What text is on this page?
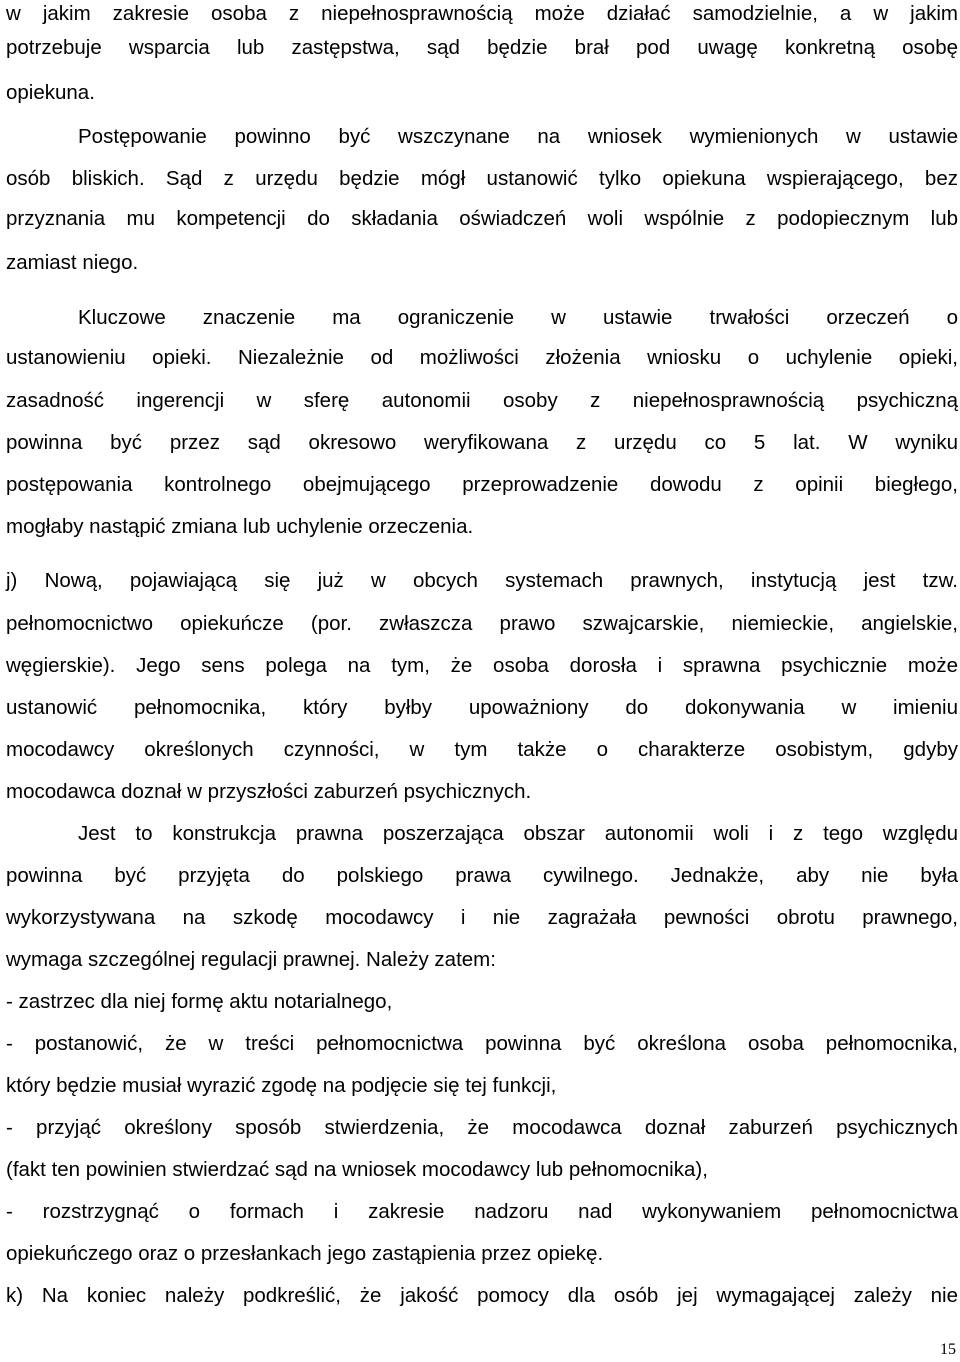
w jakim zakresie osoba z niepełnosprawnością może działać samodzielnie, a w jakim
potrzebuje wsparcia lub zastępstwa, sąd będzie brał pod uwagę konkretną osobę
opiekuna.
Postępowanie powinno być wszczynane na wniosek wymienionych w ustawie
osób bliskich. Sąd z urzędu będzie mógł ustanowić tylko opiekuna wspierającego, bez
przyznania mu kompetencji do składania oświadczeń woli wspólnie z podopiecznym lub
zamiast niego.
Kluczowe znaczenie ma ograniczenie w ustawie trwałości orzeczeń o
ustanowieniu opieki. Niezależnie od możliwości złożenia wniosku o uchylenie opieki,
zasadność ingerencji w sferę autonomii osoby z niepełnosprawnością psychiczną
powinna być przez sąd okresowo weryfikowana z urzędu co 5 lat. W wyniku
postępowania kontrolnego obejmującego przeprowadzenie dowodu z opinii biegłego,
mogłaby nastąpić zmiana lub uchylenie orzeczenia.
j) Nową, pojawiającą się już w obcych systemach prawnych, instytucją jest tzw.
pełnomocnictwo opiekuńcze (por. zwłaszcza prawo szwajcarskie, niemieckie, angielskie,
węgierskie). Jego sens polega na tym, że osoba dorosła i sprawna psychicznie może
ustanowić pełnomocnika, który byłby upoważniony do dokonywania w imieniu
mocodawcy określonych czynności, w tym także o charakterze osobistym, gdyby
mocodawca doznał w przyszłości zaburzeń psychicznych.
Jest to konstrukcja prawna poszerzająca obszar autonomii woli i z tego względu
powinna być przyjęta do polskiego prawa cywilnego. Jednakże, aby nie była
wykorzystywana na szkodę mocodawcy i nie zagrażała pewności obrotu prawnego,
wymaga szczególnej regulacji prawnej. Należy zatem:
- zastrzec dla niej formę aktu notarialnego,
- postanowić, że w treści pełnomocnictwa powinna być określona osoba pełnomocnika,
który będzie musiał wyrazić zgodę na podjęcie się tej funkcji,
- przyjąć określony sposób stwierdzenia, że mocodawca doznał zaburzeń psychicznych
(fakt ten powinien stwierdzać sąd na wniosek mocodawcy lub pełnomocnika),
- rozstrzygnąć o formach i zakresie nadzoru nad wykonywaniem pełnomocnictwa
opiekuńczego oraz o przesłankach jego zastąpienia przez opiekę.
k) Na koniec należy podkreślić, że jakość pomocy dla osób jej wymagającej zależy nie
15
